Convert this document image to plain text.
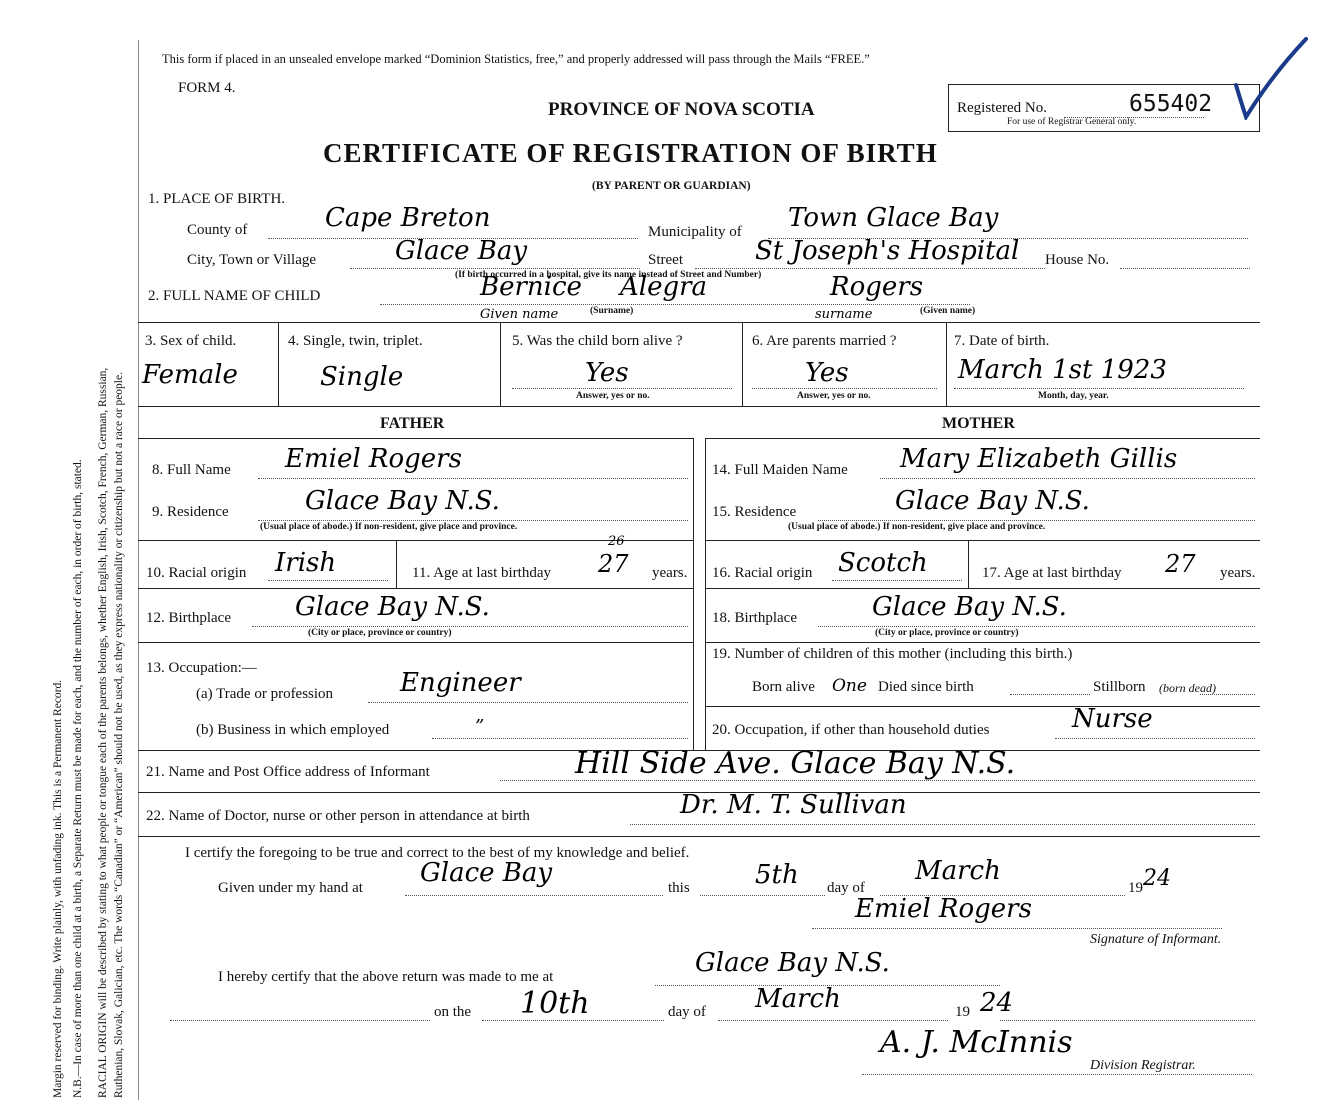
Margin reserved for binding. Write plainly, with unfading ink. This is a Permanent Record. N.B.—In case of more than one child at a birth, a Separate Return must be made for each, and the number of each, in order of birth, stated. RACIAL ORIGIN will be described by stating to what people or tongue each of the parents belongs, whether English, Irish, Scotch, French, German, Russian, Ruthenian, Slovak, Galician, etc. The words “Canadian” or “American” should not be used, as they express nationality or citizenship but not a race or people.
This form if placed in an unsealed envelope marked “Dominion Statistics, free,” and properly addressed will pass through the Mails “FREE.”
FORM 4.
PROVINCE OF NOVA SCOTIA
CERTIFICATE OF REGISTRATION OF BIRTH
(BY PARENT OR GUARDIAN)
Registered No.	655402
For use of Registrar General only.
1. PLACE OF BIRTH.
County of	Cape Breton	Municipality of Town Glace Bay
City, Town or Village	Glace Bay	Street	St Joseph's Hospital House No.
(If birth occurred in a hospital, give its name instead of Street and Number)
2. FULL NAME OF CHILD	Bernice Alegra	Rogers
Given name	(Surname)	surname	(Given name)
3. Sex of child.
Female
4. Single, twin, triplet.
Single
5. Was the child born alive ?
Yes
Answer, yes or no.
6. Are parents married ?
Yes
Answer, yes or no.
7. Date of birth.
March 1st 1923
Month, day, year.
FATHER	MOTHER
8. Full Name Emiel Rogers
9. Residence	Glace Bay N.S.
(Usual place of abode.) If non-resident, give place and province.
10. Racial origin Irish	11. Age at last birthday 27
26
years.
12. Birthplace Glace Bay N.S.
(City or place, province or country)
13. Occupation:—
(a) Trade or profession	Engineer
(b) Business in which employed	”
14. Full Maiden Name Mary Elizabeth Gillis
15. Residence	Glace Bay N.S.
(Usual place of abode.) If non-resident, give place and province.
16. Racial origin Scotch	17. Age at last birthday 27 years.
18. Birthplace	Glace Bay N.S.
(City or place, province or country)
19. Number of children of this mother (including this birth.)
Born alive One Died since birth	Stillborn (born dead)
20. Occupation, if other than household duties	Nurse
21. Name and Post Office address of Informant	Hill Side Ave. Glace Bay N.S.
22. Name of Doctor, nurse or other person in attendance at birth	Dr. M. T. Sullivan
I certify the foregoing to be true and correct to the best of my knowledge and belief.
Given under my hand at Glace Bay	this	5th day of
March
19 24
Emiel Rogers
Signature of Informant.
I hereby certify that the above return was made to me at	Glace Bay N.S.
on the 10th	day of March	19 24
A. J. McInnis
Division Registrar.
